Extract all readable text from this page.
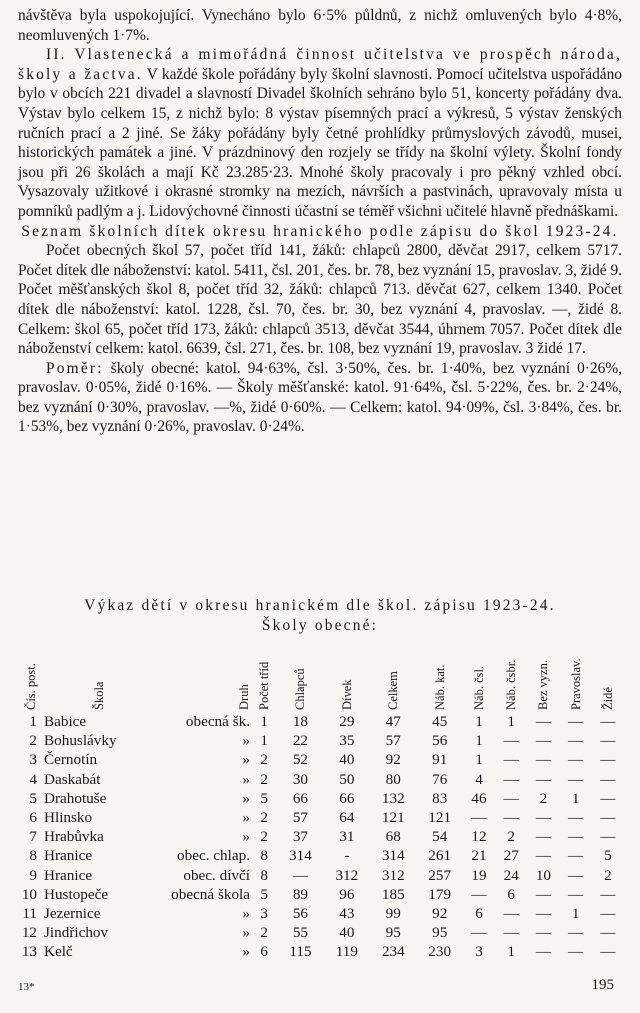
návštěva byla uspokojující. Vynecháno bylo 6·5% půldnů, z nichž omluvených bylo 4·8%, neomluvených 1·7%.

II. Vlastenecká a mimořádná činnost učitelstva ve prospěch národa, školy a žactva. V každé škole pořádány byly školní slavnosti. Pomocí učitelstva uspořádáno bylo v obcích 221 divadel a slavností Divadel školních sehráno bylo 51, koncerty pořádány dva. Výstav bylo celkem 15, z nichž bylo: 8 výstav písemných prací a výkresů, 5 výstav ženských ručních prací a 2 jiné. Se žáky pořádány byly četné prohlídky průmyslových závodů, musei, historických památek a jiné. V prázdninový den rozjely se třídy na školní výlety. Školní fondy jsou při 26 školách a mají Kč 23.285·23. Mnohé školy pracovaly i pro pěkný vzhled obcí. Vysazovaly užitkové i okrasné stromky na mezích, návrších a pastvinách, upravovaly místa u pomníků padlým a j. Lidovýchovné činnosti účastní se téměř všichni učitelé hlavně přednáškami.

Seznam školních dítek okresu hranického podle zápisu do škol 1923-24.

Počet obecných škol 57, počet tříd 141, žáků: chlapců 2800, děvčat 2917, celkem 5717. Počet dítek dle náboženství: katol. 5411, čsl. 201, čes. br. 78, bez vyznání 15, pravoslav. 3, židé 9. Počet měšťanských škol 8, počet tříd 32, žáků: chlapců 713. děvčat 627, celkem 1340. Počet dítek dle náboženství: katol. 1228, čsl. 70, čes. br. 30, bez vyznání 4, pravoslav. —, židé 8. Celkem: škol 65, počet tříd 173, žáků: chlapců 3513, děvčat 3544, úhrnem 7057. Počet dítek dle náboženství celkem: katol. 6639, čsl. 271, čes. br. 108, bez vyznání 19, pravoslav. 3 židé 17.

Poměr: školy obecné: katol. 94·63%, čsl. 3·50%, čes. br. 1·40%, bez vyznání 0·26%, pravoslav. 0·05%, židé 0·16%. — Školy měšťanské: katol. 91·64%, čsl. 5·22%, čes. br. 2·24%, bez vyznání 0·30%, pravoslav. —%, židé 0·60%. — Celkem: katol. 94·09%, čsl. 3·84%, čes. br. 1·53%, bez vyznání 0·26%, pravoslav. 0·24%.

Výkaz dětí v okresu hranickém dle škol. zápisu 1923-24.
Školy obecné:
Čís. post.	Škola	Druh	Počet tříd	Chlapců	Dívek	Celkem	Náb. kat.	Náb. čsl.	Náb. čsbr.	Bez vyzn.	Pravoslav.	Židé
1	Babice	obecná šk.	1	18	29	47	45	1	1	—	—	—
2	Bohuslávky	»	1	22	35	57	56	1	—	—	—	—
3	Černotín	»	2	52	40	92	91	1	—	—	—	—
4	Daskabát	»	2	30	50	80	76	4	—	—	—	—
5	Drahotuše	»	5	66	66	132	83	46	—	2	1	—
6	Hlinsko	»	2	57	64	121	121	—	—	—	—	—
7	Hrabůvka	»	2	37	31	68	54	12	2	—	—	—
8	Hranice	obec. chlap.	8	314	-	314	261	21	27	—	—	5
9	Hranice	obec. dívčí	8	—	312	312	257	19	24	10	—	2
10	Hustopeče	obecná škola	5	89	96	185	179	—	6	—	—	—
11	Jezernice	»	3	56	43	99	92	6	—	—	1	—
12	Jindřichov	»	2	55	40	95	95	—	—	—	—	—
13	Kelč	»	6	115	119	234	230	3	1	—	—	—
13*	195
